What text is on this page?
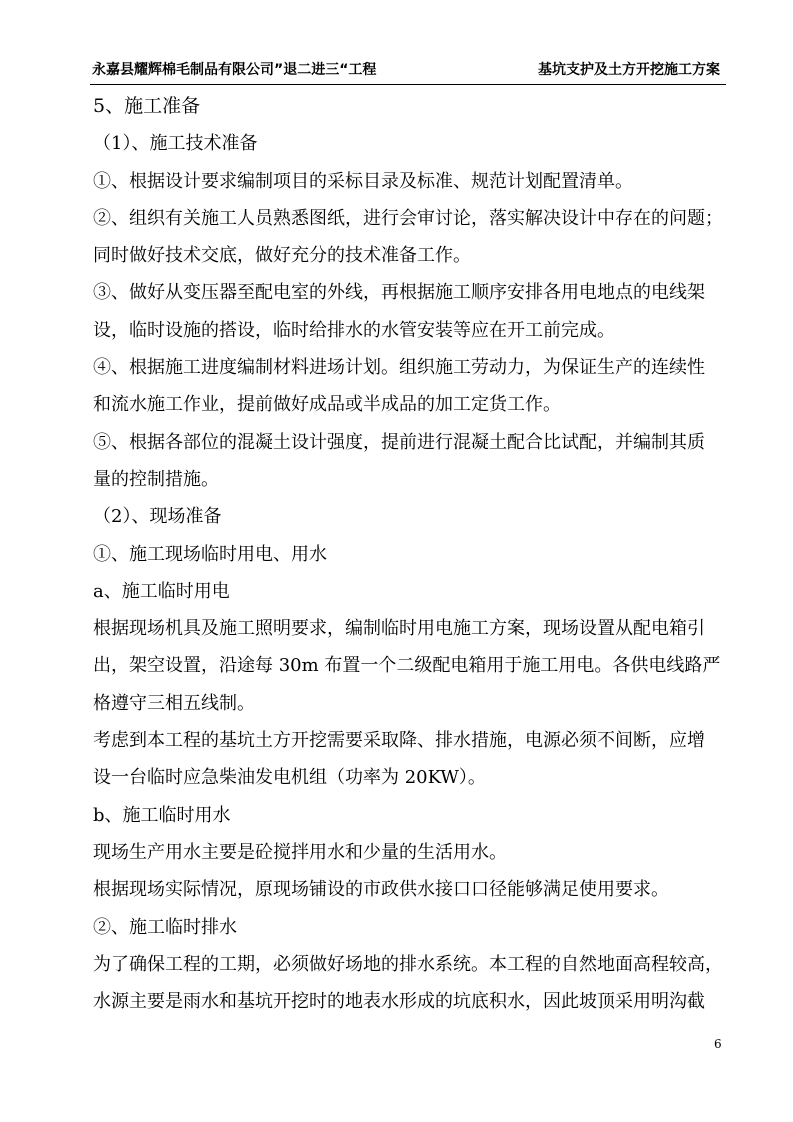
永嘉县耀辉棉毛制品有限公司”退二进三“工程	基坑支护及土方开挖施工方案

5、施工准备

（1）、施工技术准备

①、根据设计要求编制项目的采标目录及标准、规范计划配置清单。

②、组织有关施工人员熟悉图纸，进行会审讨论，落实解决设计中存在的问题；

同时做好技术交底，做好充分的技术准备工作。

③、做好从变压器至配电室的外线，再根据施工顺序安排各用电地点的电线架

设，临时设施的搭设，临时给排水的水管安装等应在开工前完成。

④、根据施工进度编制材料进场计划。组织施工劳动力，为保证生产的连续性

和流水施工作业，提前做好成品或半成品的加工定货工作。

⑤、根据各部位的混凝土设计强度，提前进行混凝土配合比试配，并编制其质

量的控制措施。

（2）、现场准备

①、施工现场临时用电、用水

a、施工临时用电

根据现场机具及施工照明要求，编制临时用电施工方案，现场设置从配电箱引

出，架空设置，沿途每 30m 布置一个二级配电箱用于施工用电。各供电线路严

格遵守三相五线制。

考虑到本工程的基坑土方开挖需要采取降、排水措施，电源必须不间断，应增

设一台临时应急柴油发电机组（功率为 20KW）。

b、施工临时用水

现场生产用水主要是砼搅拌用水和少量的生活用水。

根据现场实际情况，原现场铺设的市政供水接口口径能够满足使用要求。

②、施工临时排水

为了确保工程的工期，必须做好场地的排水系统。本工程的自然地面高程较高，

水源主要是雨水和基坑开挖时的地表水形成的坑底积水，因此坡顶采用明沟截

6
